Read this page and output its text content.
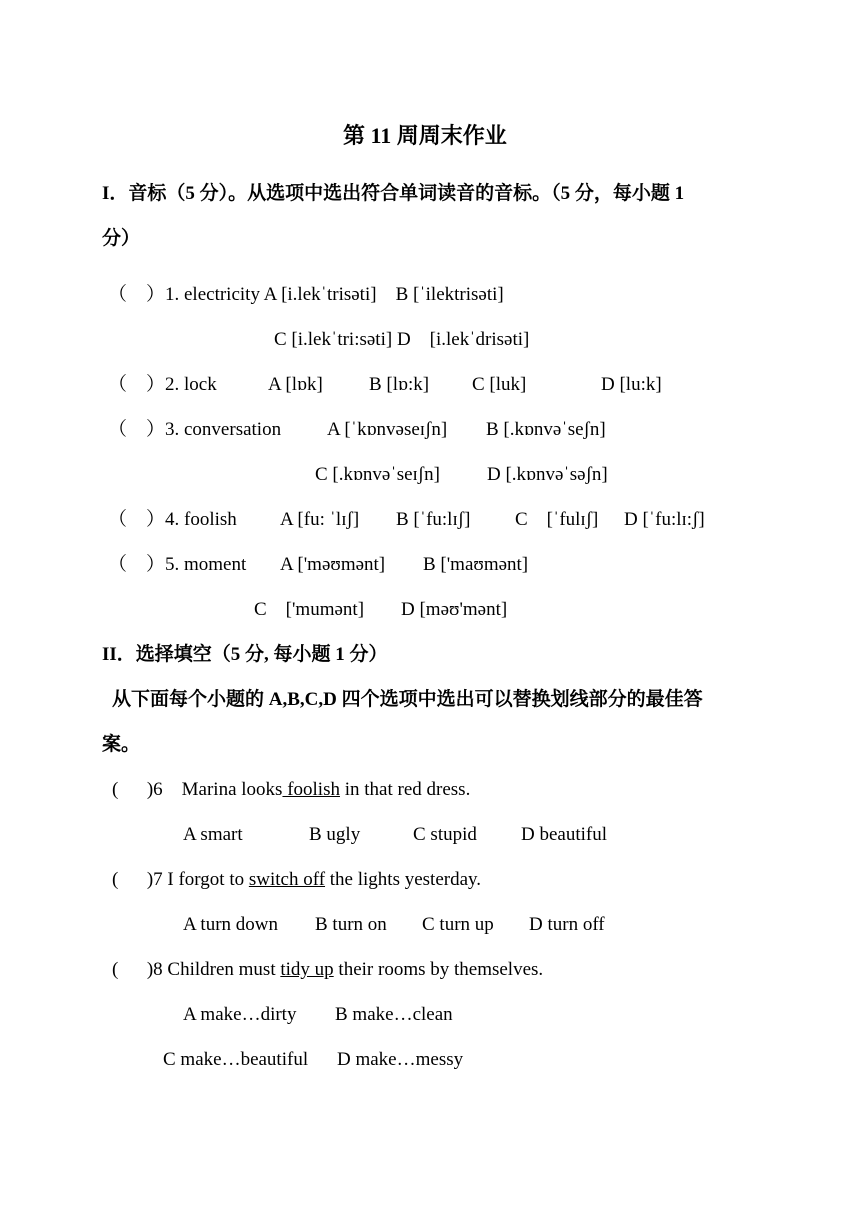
第 11 周周末作业
I．音标（5 分）。从选项中选出符合单词读音的音标。（5 分，每小题 1
分）
（    ）1. electricity A [i.lekˈtrisəti]    B [ˈilektrisəti]
C [i.lekˈtri:səti] D    [i.lekˈdrisəti]
（    ）2. lock	A [lɒk] B [lɒ:k] C [luk]	D [lu:k]
（    ）3. conversation A [ˈkɒnvəseɪʃn] B [.kɒnvəˈseʃn]
C [.kɒnvəˈseɪʃn] D [.kɒnvəˈsəʃn]
（    ）4. foolish A [fu: ˈlɪʃ] B [ˈfu:lɪʃ] C    [ˈfulɪʃ] D [ˈfu:lɪ:ʃ]
（    ）5. moment A ['məʊmənt] B ['maʊmənt]
C    ['mumənt] D [məʊ'mənt]
II．选择填空（5 分, 每小题 1 分）
从下面每个小题的 A,B,C,D 四个选项中选出可以替换划线部分的最佳答
案。
(      )6    Marina looks foolish in that red dress.
A smart	B ugly	C stupid D beautiful
(      )7 I forgot to switch off the lights yesterday.
A turn down B turn on C turn up D turn off
(      )8 Children must tidy up their rooms by themselves.
A make…dirty B make…clean
C make…beautiful D make…messy
